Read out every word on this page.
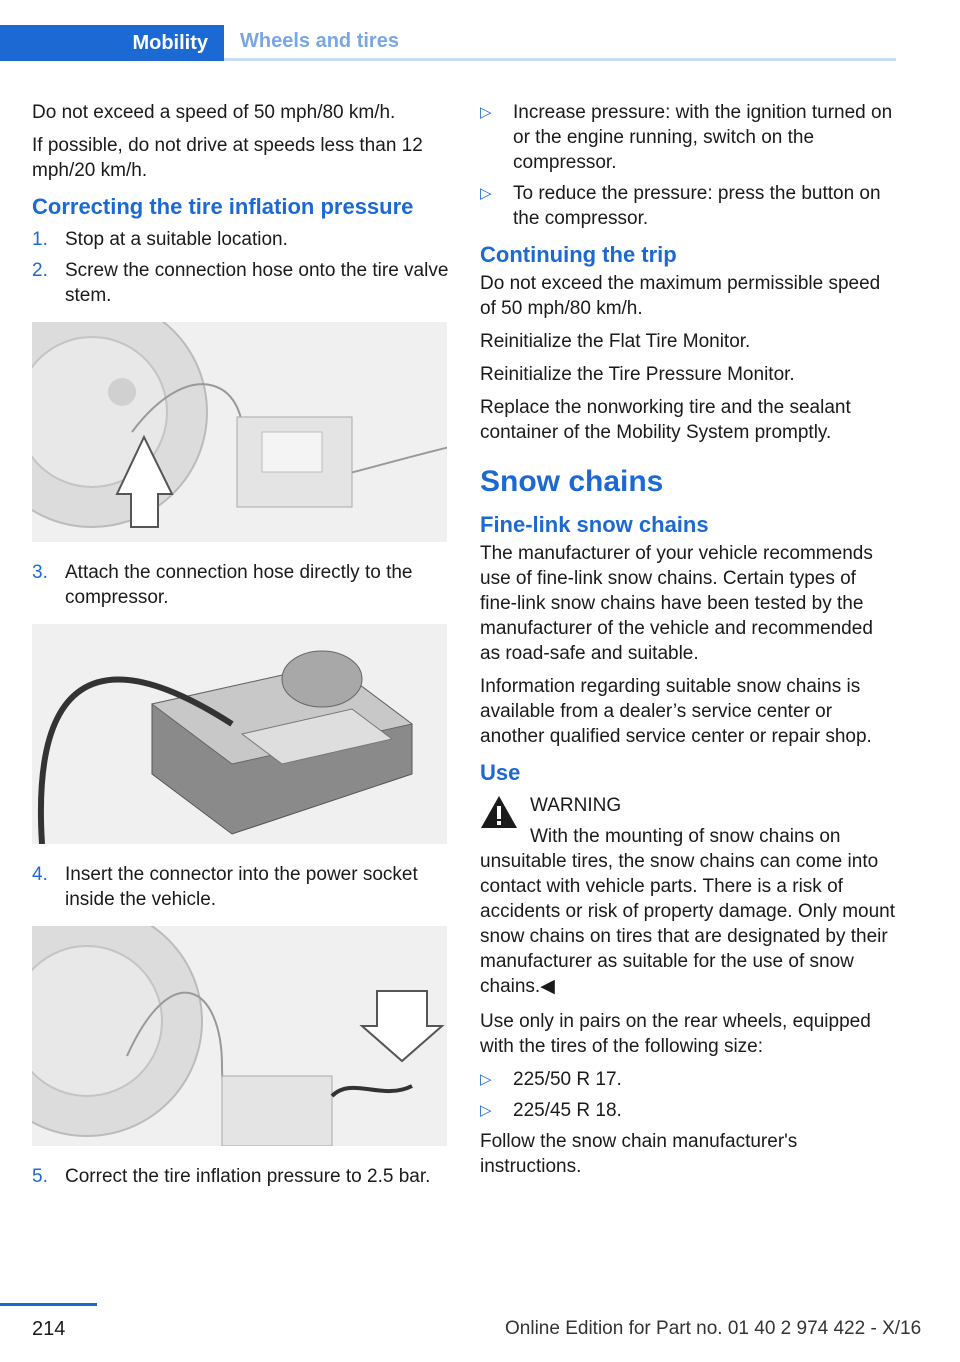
Mobility	Wheels and tires

Do not exceed a speed of 50 mph/80 km/h.

If possible, do not drive at speeds less than 12 mph/20 km/h.

Correcting the tire inflation pressure
1. Stop at a suitable location.
2. Screw the connection hose onto the tire valve stem.
3. Attach the connection hose directly to the compressor.
4. Insert the connector into the power socket inside the vehicle.
5. Correct the tire inflation pressure to 2.5 bar.
▷ Increase pressure: with the ignition turned on or the engine running, switch on the compressor.
▷ To reduce the pressure: press the button on the compressor.
Continuing the trip

Do not exceed the maximum permissible speed of 50 mph/80 km/h.

Reinitialize the Flat Tire Monitor.

Reinitialize the Tire Pressure Monitor.

Replace the nonworking tire and the sealant container of the Mobility System promptly.

Snow chains
Fine-link snow chains

The manufacturer of your vehicle recommends use of fine-link snow chains. Certain types of fine-link snow chains have been tested by the manufacturer of the vehicle and recommended as road-safe and suitable.

Information regarding suitable snow chains is available from a dealer’s service center or another qualified service center or repair shop.

Use
WARNING
With the mounting of snow chains on unsuitable tires, the snow chains can come into contact with vehicle parts. There is a risk of accidents or risk of property damage. Only mount snow chains on tires that are designated by their manufacturer as suitable for the use of snow chains.◀

Use only in pairs on the rear wheels, equipped with the tires of the following size:

▷ 225/50 R 17.
▷ 225/45 R 18.

Follow the snow chain manufacturer's instructions.

214	Online Edition for Part no. 01 40 2 974 422 - X/16
